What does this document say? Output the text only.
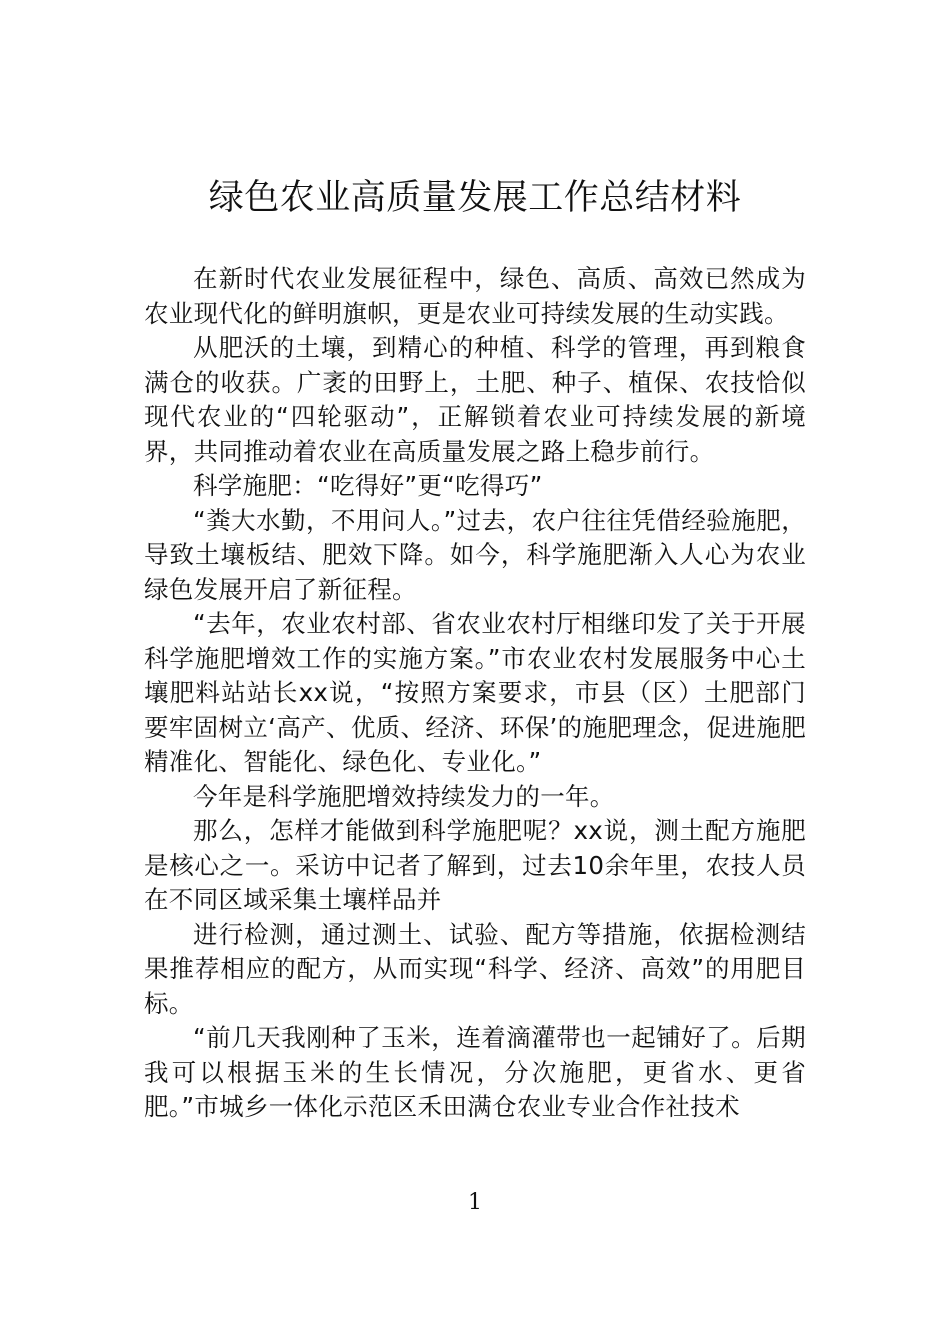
绿色农业高质量发展工作总结材料

在新时代农业发展征程中，绿色、高质、高效已然成为农业现代化的鲜明旗帜，更是农业可持续发展的生动实践。

从肥沃的土壤，到精心的种植、科学的管理，再到粮食满仓的收获。广袤的田野上，土肥、种子、植保、农技恰似现代农业的“四轮驱动”，正解锁着农业可持续发展的新境界，共同推动着农业在高质量发展之路上稳步前行。

科学施肥：“吃得好”更“吃得巧”

“粪大水勤，不用问人。”过去，农户往往凭借经验施肥，导致土壤板结、肥效下降。如今，科学施肥渐入人心为农业绿色发展开启了新征程。

“去年，农业农村部、省农业农村厅相继印发了关于开展科学施肥增效工作的实施方案。”市农业农村发展服务中心土壤肥料站站长xx说，“按照方案要求，市县（区）土肥部门要牢固树立‘高产、优质、经济、环保’的施肥理念，促进施肥精准化、智能化、绿色化、专业化。”

今年是科学施肥增效持续发力的一年。

那么，怎样才能做到科学施肥呢？xx说，测土配方施肥是核心之一。采访中记者了解到，过去10余年里，农技人员在不同区域采集土壤样品并

进行检测，通过测土、试验、配方等措施，依据检测结果推荐相应的配方，从而实现“科学、经济、高效”的用肥目标。

“前几天我刚种了玉米，连着滴灌带也一起铺好了。后期我可以根据玉米的生长情况，分次施肥，更省水、更省肥。”市城乡一体化示范区禾田满仓农业专业合作社技术

1
